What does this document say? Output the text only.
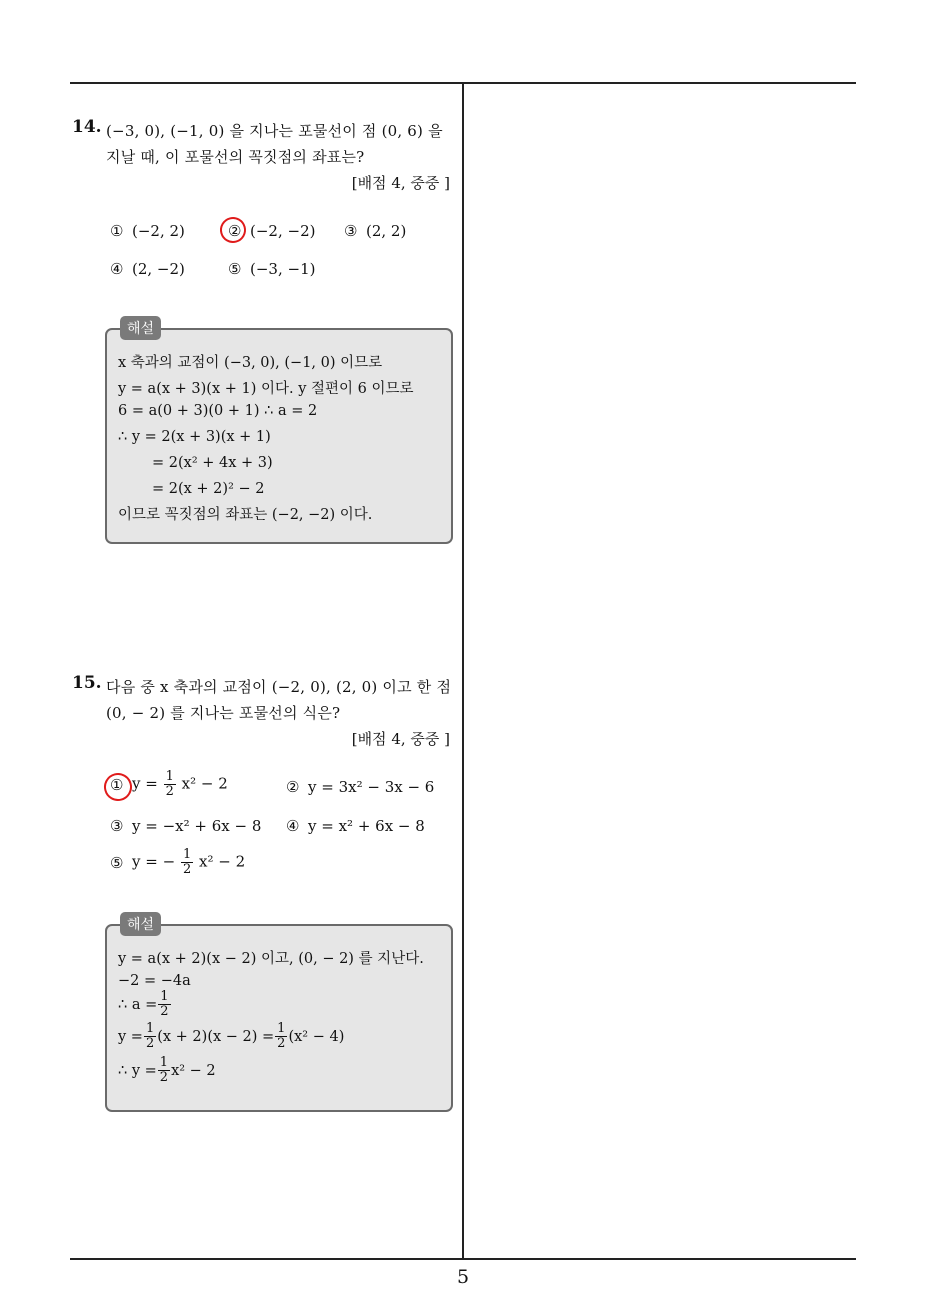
5
14. (−3, 0), (−1, 0) 을 지나는 포물선이 점 (0, 6) 을
지날 때, 이 포물선의 꼭짓점의 좌표는?
[배점 4, 중중 ]
① (−2, 2)	② (−2, −2) ③ (2, 2)
④ (2, −2)	⑤ (−3, −1)
해설
x 축과의 교점이 (−3, 0), (−1, 0) 이므로
y = a(x + 3)(x + 1) 이다. y 절편이 6 이므로
6 = a(0 + 3)(0 + 1) ∴ a = 2
∴ y = 2(x + 3)(x + 1)
= 2(x² + 4x + 3)
= 2(x + 2)² − 2
이므로 꼭짓점의 좌표는 (−2, −2) 이다.
15. 다음 중 x 축과의 교점이 (−2, 0), (2, 0) 이고 한 점
(0, − 2) 를 지나는 포물선의 식은?
[배점 4, 중중 ]
① $y = \frac{1}{2} x^2 - 2$	② y = 3x² − 3x − 6
③ y = −x² + 6x − 8 ④ y = x² + 6x − 8
⑤ y = − $\frac{1}{2} x^2 - 2$
해설
y = a(x + 2)(x − 2) 이고, (0, − 2) 를 지난다.
−2 = −4a
∴ $a = \frac{1}{2}$
$y = \frac{1}{2} (x + 2)(x - 2) = \frac{1}{2} (x^2 - 4)$
∴ $y = \frac{1}{2} x^2 - 2$
